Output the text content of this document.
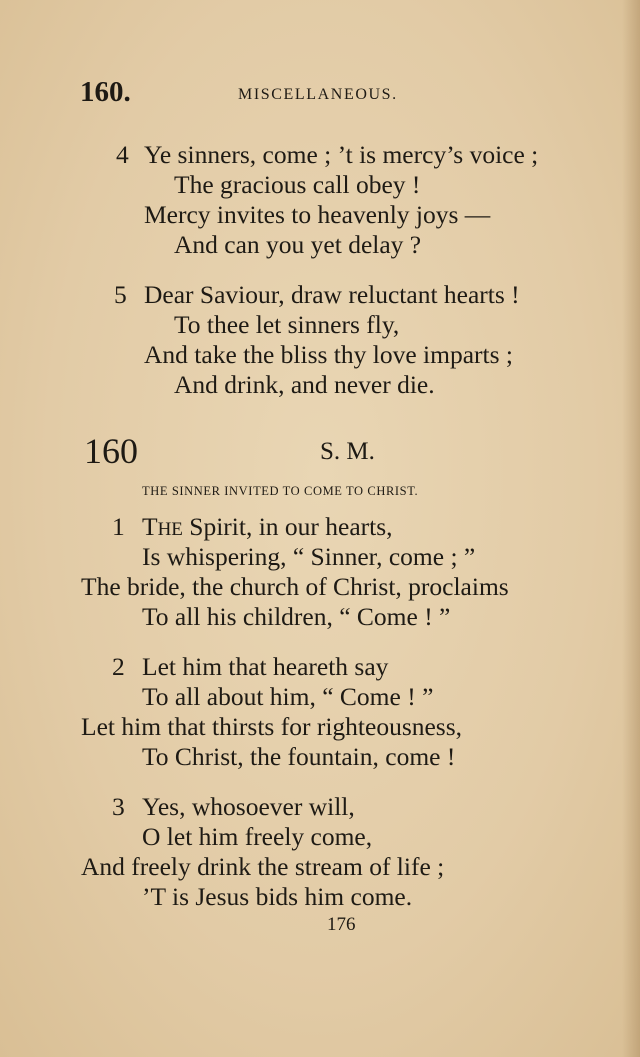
160.	MISCELLANEOUS.
4 Ye sinners, come ; ’t is mercy’s voice ;
The gracious call obey !
Mercy invites to heavenly joys —
And can you yet delay ?
5 Dear Saviour, draw reluctant hearts !
To thee let sinners fly,
And take the bliss thy love imparts ;
And drink, and never die.
160	S. M.
THE SINNER INVITED TO COME TO CHRIST.
1 THE Spirit, in our hearts,
Is whispering, “ Sinner, come ; ”
The bride, the church of Christ, proclaims
To all his children, “ Come ! ”
2 Let him that heareth say
To all about him, “ Come ! ”
Let him that thirsts for righteousness,
To Christ, the fountain, come !
3 Yes, whosoever will,
O let him freely come,
And freely drink the stream of life ;
’T is Jesus bids him come.
176
